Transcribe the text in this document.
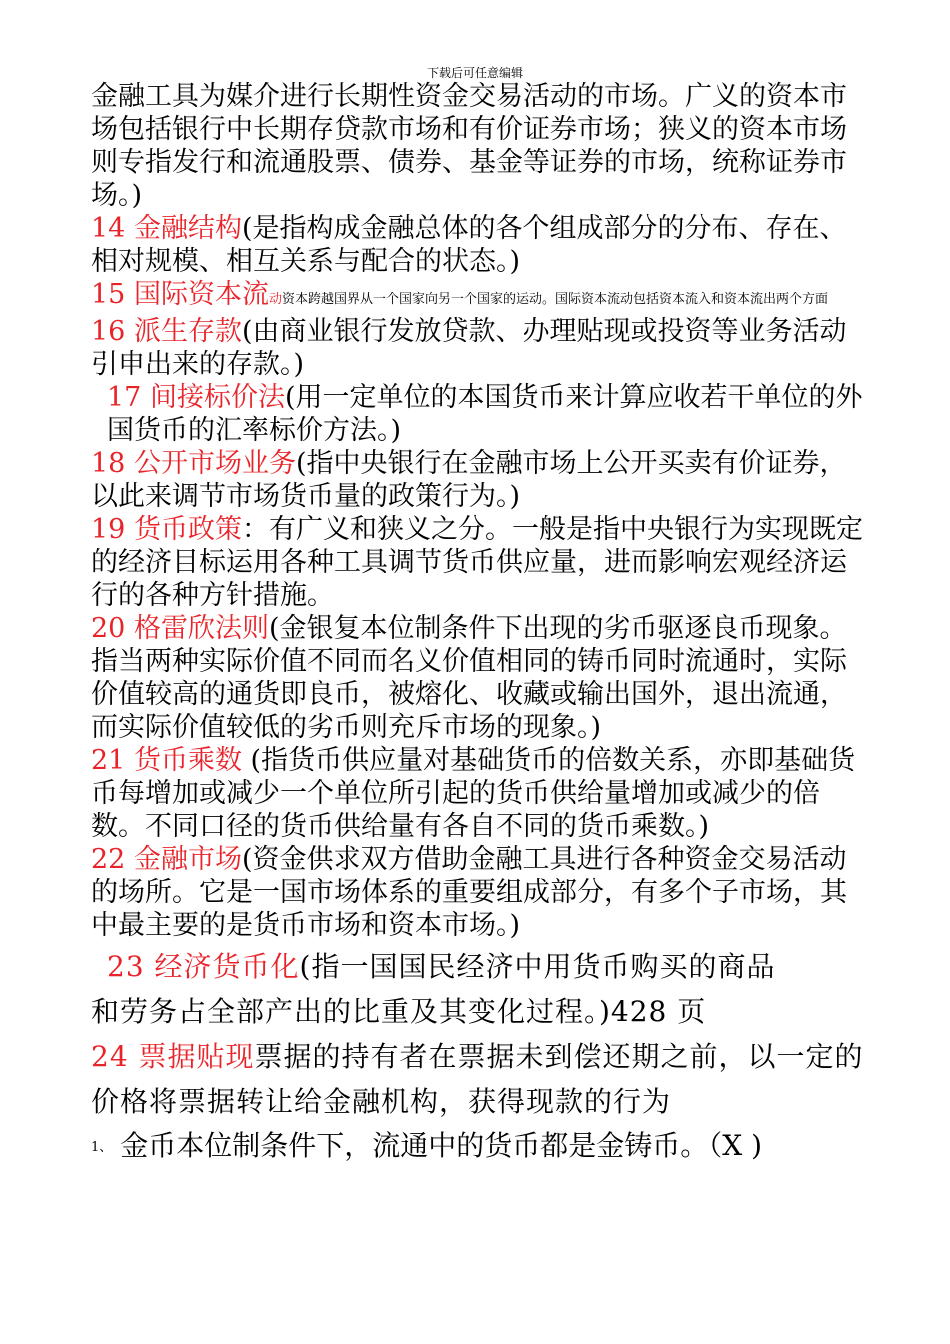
下载后可任意编辑

金融工具为媒介进行长期性资金交易活动的市场。广义的资本市场包括银行中长期存贷款市场和有价证券市场；狭义的资本市场则专指发行和流通股票、债券、基金等证券的市场，统称证券市场。)

14 金融结构(是指构成金融总体的各个组成部分的分布、存在、相对规模、相互关系与配合的状态。)

15 国际资本流动资本跨越国界从一个国家向另一个国家的运动。国际资本流动包括资本流入和资本流出两个方面

16 派生存款(由商业银行发放贷款、办理贴现或投资等业务活动引申出来的存款。)

17 间接标价法(用一定单位的本国货币来计算应收若干单位的外国货币的汇率标价方法。)

18 公开市场业务(指中央银行在金融市场上公开买卖有价证券，以此来调节市场货币量的政策行为。)

19 货币政策：有广义和狭义之分。一般是指中央银行为实现既定的经济目标运用各种工具调节货币供应量，进而影响宏观经济运行的各种方针措施。

20 格雷欣法则(金银复本位制条件下出现的劣币驱逐良币现象。指当两种实际价值不同而名义价值相同的铸币同时流通时，实际价值较高的通货即良币，被熔化、收藏或输出国外，退出流通，而实际价值较低的劣币则充斥市场的现象。)

21 货币乘数 (指货币供应量对基础货币的倍数关系，亦即基础货币每增加或减少一个单位所引起的货币供给量增加或减少的倍数。不同口径的货币供给量有各自不同的货币乘数。)

22 金融市场(资金供求双方借助金融工具进行各种资金交易活动的场所。它是一国市场体系的重要组成部分，有多个子市场，其中最主要的是货币市场和资本市场。)

23 经济货币化(指一国国民经济中用货币购买的商品

和劳务占全部产出的比重及其变化过程。)428 页

24 票据贴现票据的持有者在票据未到偿还期之前，以一定的价格将票据转让给金融机构，获得现款的行为

1、 金币本位制条件下，流通中的货币都是金铸币。（X )
